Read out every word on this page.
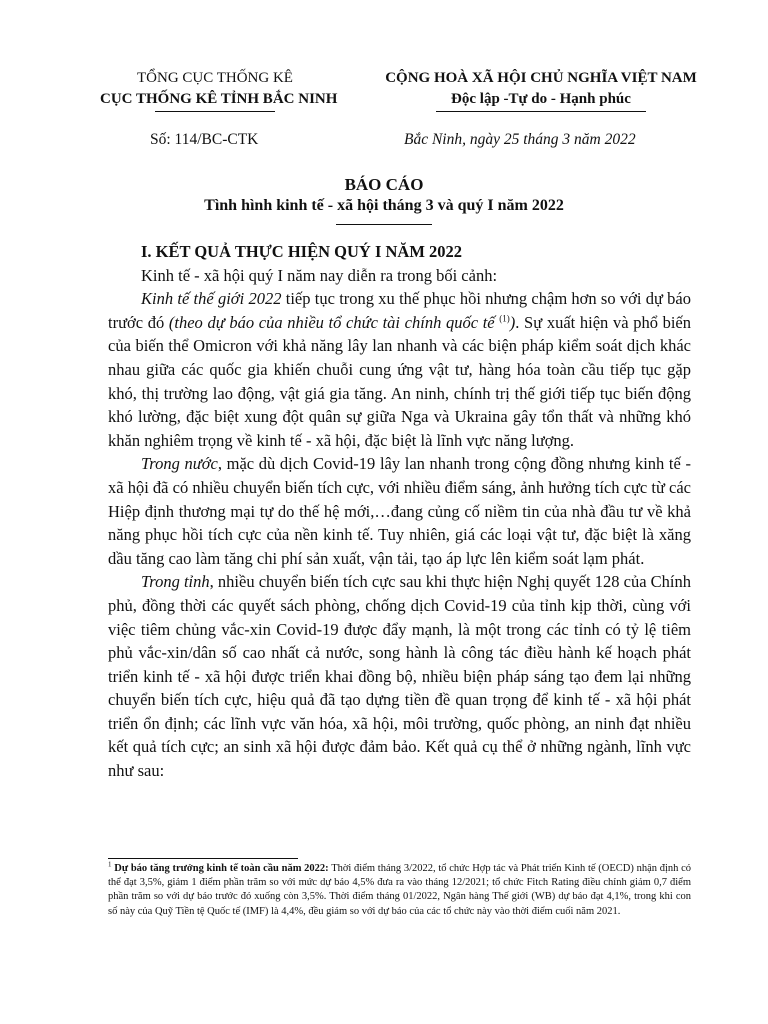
TỔNG CỤC THỐNG KÊ
CỤC THỐNG KÊ TỈNH BẮC NINH
CỘNG HOÀ XÃ HỘI CHỦ NGHĨA VIỆT NAM
Độc lập -Tự do - Hạnh phúc
Số: 114/BC-CTK	Bắc Ninh, ngày 25 tháng 3 năm 2022
BÁO CÁO
Tình hình kinh tế - xã hội tháng 3 và quý I năm 2022

I. KẾT QUẢ THỰC HIỆN QUÝ I NĂM 2022

Kinh tế - xã hội quý I năm nay diễn ra trong bối cảnh:

Kinh tế thế giới 2022 tiếp tục trong xu thế phục hồi nhưng chậm hơn so với dự báo trước đó (theo dự báo của nhiều tổ chức tài chính quốc tế $^{(1)}$). Sự xuất hiện và phổ biến của biến thể Omicron với khả năng lây lan nhanh và các biện pháp kiểm soát dịch khác nhau giữa các quốc gia khiến chuỗi cung ứng vật tư, hàng hóa toàn cầu tiếp tục gặp khó, thị trường lao động, vật giá gia tăng. An ninh, chính trị thế giới tiếp tục biến động khó lường, đặc biệt xung đột quân sự giữa Nga và Ukraina gây tổn thất và những khó khăn nghiêm trọng về kinh tế - xã hội, đặc biệt là lĩnh vực năng lượng.

Trong nước, mặc dù dịch Covid-19 lây lan nhanh trong cộng đồng nhưng kinh tế - xã hội đã có nhiều chuyển biến tích cực, với nhiều điểm sáng, ảnh hưởng tích cực từ các Hiệp định thương mại tự do thế hệ mới,…đang củng cố niềm tin của nhà đầu tư về khả năng phục hồi tích cực của nền kinh tế. Tuy nhiên, giá các loại vật tư, đặc biệt là xăng dầu tăng cao làm tăng chi phí sản xuất, vận tải, tạo áp lực lên kiểm soát lạm phát.

Trong tỉnh, nhiều chuyển biến tích cực sau khi thực hiện Nghị quyết 128 của Chính phủ, đồng thời các quyết sách phòng, chống dịch Covid-19 của tỉnh kịp thời, cùng với việc tiêm chủng vắc-xin Covid-19 được đẩy mạnh, là một trong các tỉnh có tỷ lệ tiêm phủ vắc-xin/dân số cao nhất cả nước, song hành là công tác điều hành kế hoạch phát triển kinh tế - xã hội được triển khai đồng bộ, nhiều biện pháp sáng tạo đem lại những chuyển biến tích cực, hiệu quả đã tạo dựng tiền đề quan trọng để kinh tế - xã hội phát triển ổn định; các lĩnh vực văn hóa, xã hội, môi trường, quốc phòng, an ninh đạt nhiều kết quả tích cực; an sinh xã hội được đảm bảo. Kết quả cụ thể ở những ngành, lĩnh vực như sau:

$^1$ Dự báo tăng trưởng kinh tế toàn cầu năm 2022: Thời điểm tháng 3/2022, tổ chức Hợp tác và Phát triển Kinh tế (OECD) nhận định có thể đạt 3,5%, giảm 1 điểm phần trăm so với mức dự báo 4,5% đưa ra vào tháng 12/2021; tổ chức Fitch Rating điều chỉnh giảm 0,7 điểm phần trăm so với dự báo trước đó xuống còn 3,5%. Thời điểm tháng 01/2022, Ngân hàng Thế giới (WB) dự báo đạt 4,1%, trong khi con số này của Quỹ Tiền tệ Quốc tế (IMF) là 4,4%, đều giảm so với dự báo của các tổ chức này vào thời điểm cuối năm 2021.
